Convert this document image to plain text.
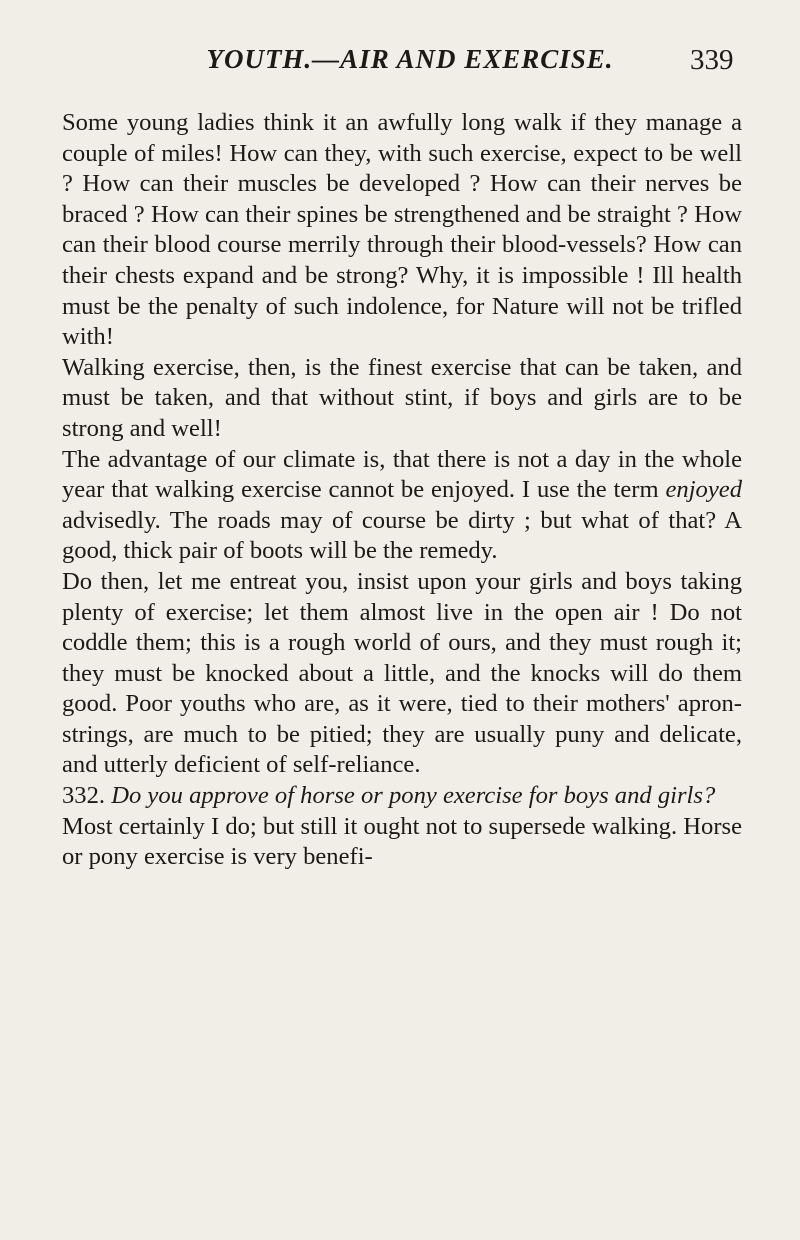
YOUTH.—AIR AND EXERCISE.	339

Some young ladies think it an awfully long walk if they manage a couple of miles! How can they, with such exercise, expect to be well ? How can their muscles be developed ? How can their nerves be braced ? How can their spines be strengthened and be straight ? How can their blood course merrily through their blood-vessels? How can their chests expand and be strong? Why, it is impossible ! Ill health must be the penalty of such indolence, for Nature will not be trifled with!

Walking exercise, then, is the finest exercise that can be taken, and must be taken, and that without stint, if boys and girls are to be strong and well!

The advantage of our climate is, that there is not a day in the whole year that walking exercise cannot be enjoyed. I use the term enjoyed advisedly. The roads may of course be dirty ; but what of that? A good, thick pair of boots will be the remedy.

Do then, let me entreat you, insist upon your girls and boys taking plenty of exercise; let them almost live in the open air ! Do not coddle them; this is a rough world of ours, and they must rough it; they must be knocked about a little, and the knocks will do them good. Poor youths who are, as it were, tied to their mothers' apron-strings, are much to be pitied; they are usually puny and delicate, and utterly deficient of self-reliance.

332. Do you approve of horse or pony exercise for boys and girls?

Most certainly I do; but still it ought not to supersede walking. Horse or pony exercise is very benefi-
